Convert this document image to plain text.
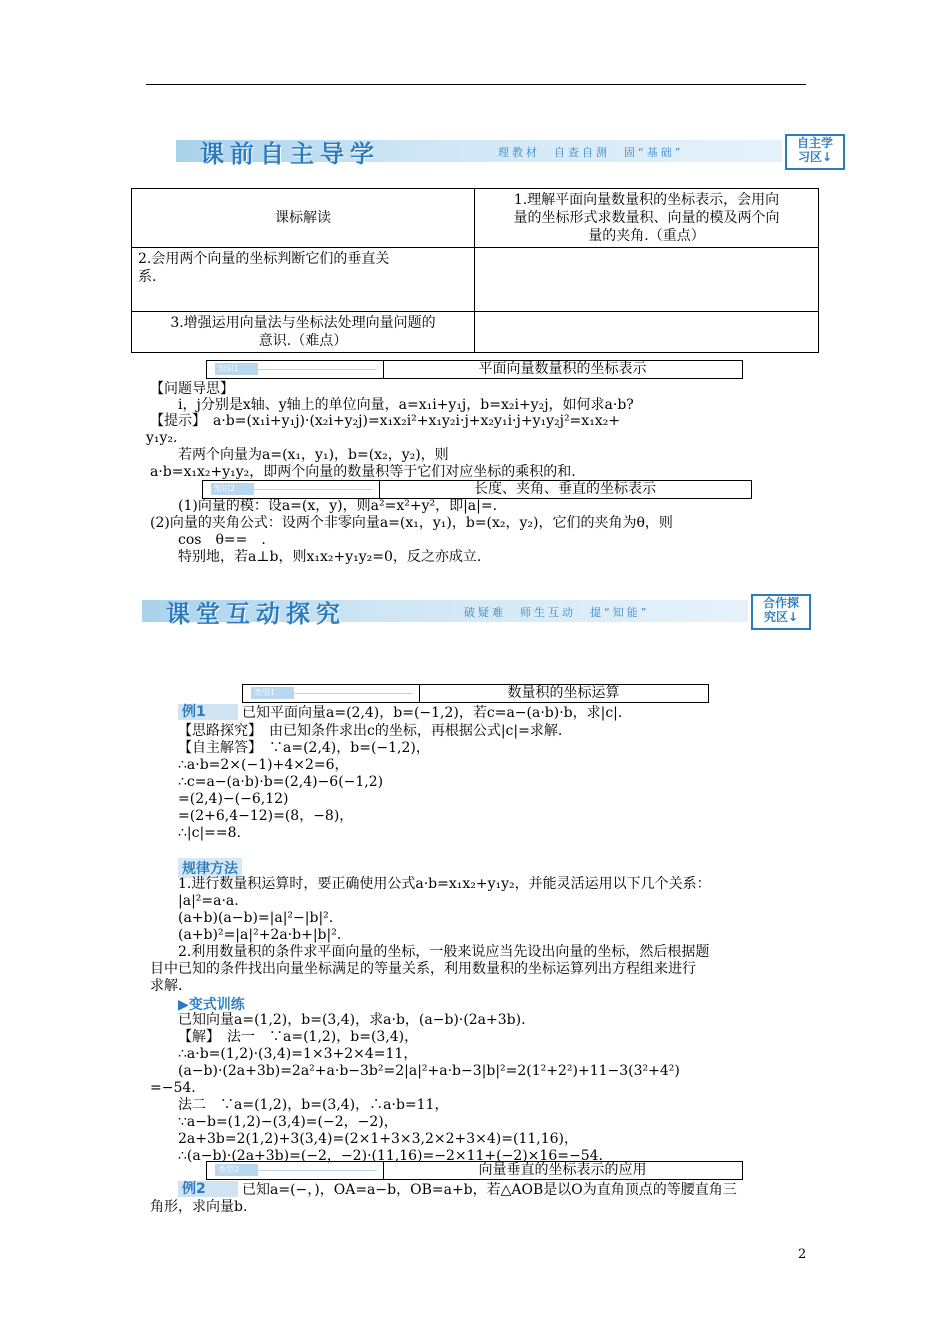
课前自主导学	理教材　自查自测　固“基础”
自主学
习区↓
课标解读	1.理解平面向量数量积的坐标表示，会用向
量的坐标形式求数量积、向量的模及两个向
量的夹角.（重点）

2.会用两个向量的坐标判断它们的垂直关
系.	

3.增强运用向量法与坐标法处理向量问题的
意识.（难点）	

知识1	平面向量数量积的坐标表示
【问题导思】
i，j分别是x轴、y轴上的单位向量，a=x₁i+y₁j，b=x₂i+y₂j，如何求a·b?
【提示】　a·b=(x₁i+y₁j)·(x₂i+y₂j)=x₁x₂i²+x₁y₂i·j+x₂y₁i·j+y₁y₂j²=x₁x₂+
y₁y₂.
若两个向量为a=(x₁，y₁)，b=(x₂，y₂)，则
a·b=x₁x₂+y₁y₂，即两个向量的数量积等于它们对应坐标的乘积的和.
知识2	长度、夹角、垂直的坐标表示
(1)向量的模：设a=(x，y)，则a²=x²+y²，即|a|=.
(2)向量的夹角公式：设两个非零向量a=(x₁，y₁)，b=(x₂，y₂)，它们的夹角为θ，则
cos　θ==　.
特别地，若a⊥b，则x₁x₂+y₁y₂=0，反之亦成立.
课堂互动探究	破疑难　师生互动　提“知能”
合作探
究区↓
类型1	数量积的坐标运算
例1	已知平面向量a=(2,4)，b=(−1,2)，若c=a−(a·b)·b，求|c|.
【思路探究】　由已知条件求出c的坐标，再根据公式|c|=求解.
【自主解答】　∵a=(2,4)，b=(−1,2)，
∴a·b=2×(−1)+4×2=6，
∴c=a−(a·b)·b=(2,4)−6(−1,2)
=(2,4)−(−6,12)
=(2+6,4−12)=(8，−8)，
∴|c|==8.
规律方法
1.进行数量积运算时，要正确使用公式a·b=x₁x₂+y₁y₂，并能灵活运用以下几个关系：
|a|²=a·a.
(a+b)(a−b)=|a|²−|b|².
(a+b)²=|a|²+2a·b+|b|².
2.利用数量积的条件求平面向量的坐标，一般来说应当先设出向量的坐标，然后根据题
目中已知的条件找出向量坐标满足的等量关系，利用数量积的坐标运算列出方程组来进行
求解.
▶变式训练
已知向量a=(1,2)，b=(3,4)，求a·b，(a−b)·(2a+3b).
【解】　法一　∵a=(1,2)，b=(3,4)，
∴a·b=(1,2)·(3,4)=1×3+2×4=11，
(a−b)·(2a+3b)=2a²+a·b−3b²=2|a|²+a·b−3|b|²=2(1²+2²)+11−3(3²+4²)
=−54.
法二　∵a=(1,2)，b=(3,4)，∴a·b=11，
∵a−b=(1,2)−(3,4)=(−2，−2)，
2a+3b=2(1,2)+3(3,4)=(2×1+3×3,2×2+3×4)=(11,16)，
∴(a−b)·(2a+3b)=(−2，−2)·(11,16)=−2×11+(−2)×16=−54.
类型2	向量垂直的坐标表示的应用
例2	已知a=(−，)，OA=a−b，OB=a+b，若△AOB是以O为直角顶点的等腰直角三
角形，求向量b.
2
